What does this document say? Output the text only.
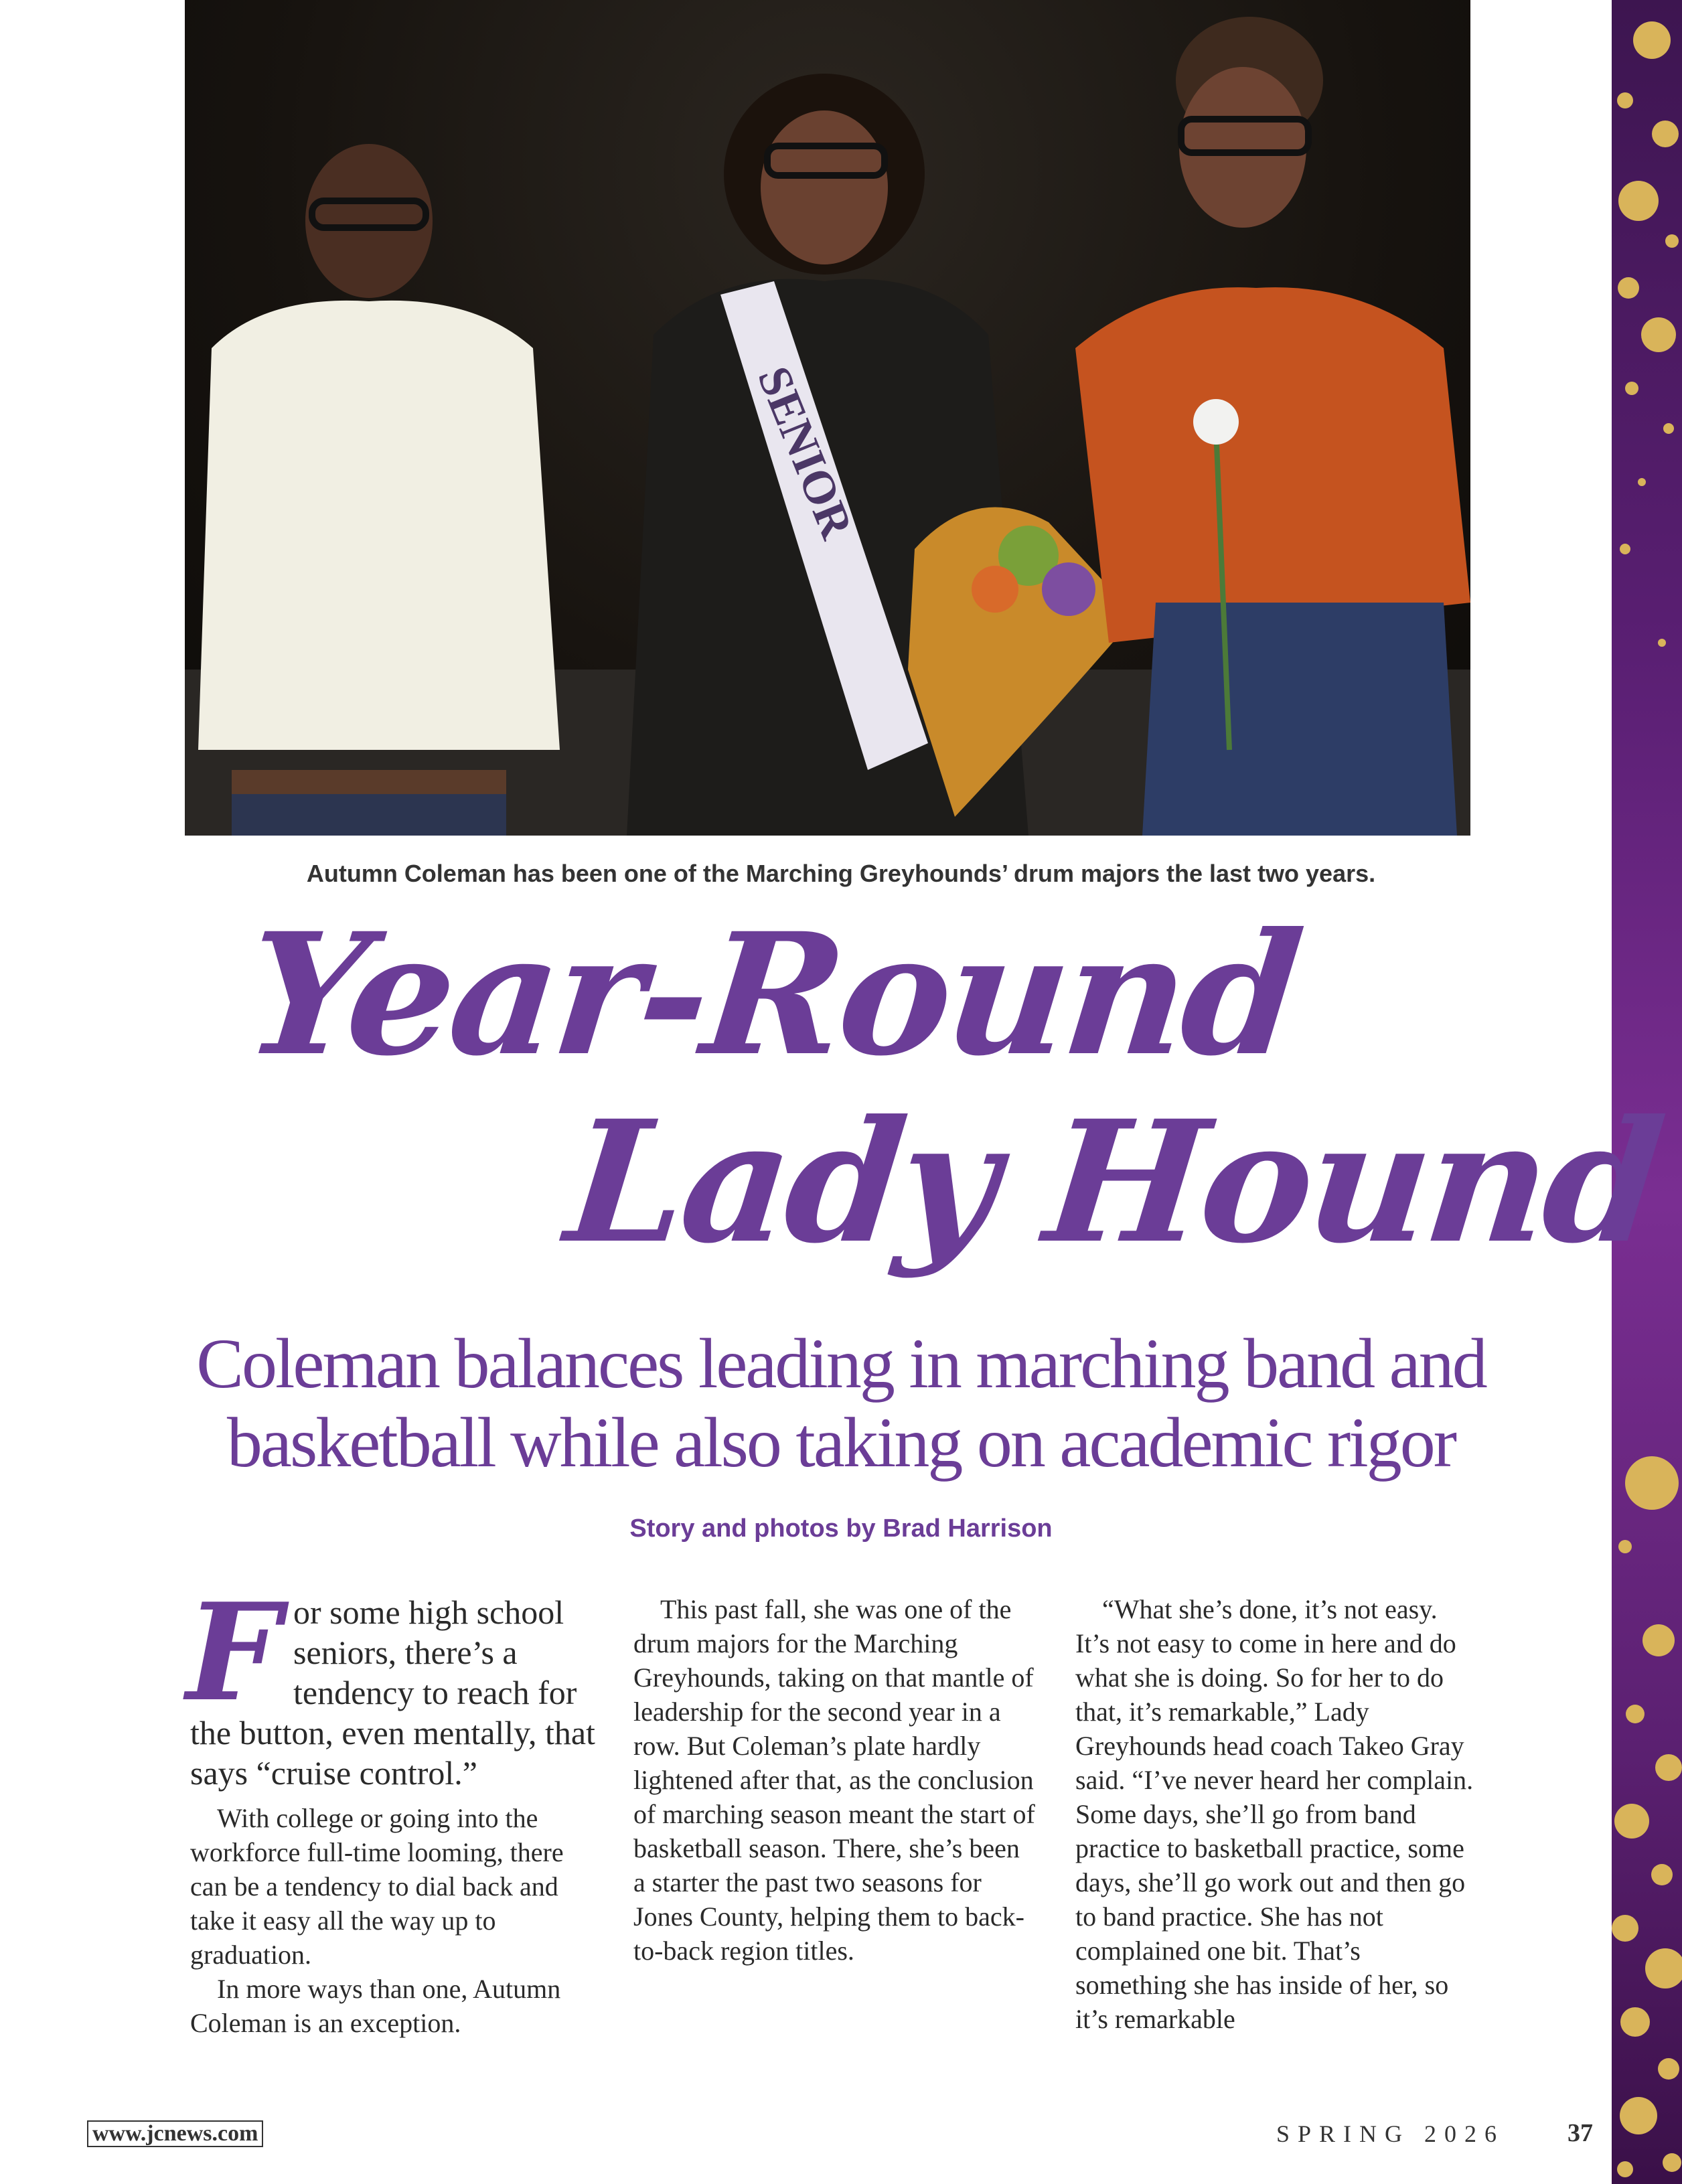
SENIOR
Autumn Coleman has been one of the Marching Greyhounds’ drum majors the last two years.
Year-Round
Lady Hound
Coleman balances leading in marching band and
basketball while also taking on academic rigor
Story and photos by Brad Harrison

For some high school seniors, there’s a tendency to reach for the button, even mentally, that says “cruise control.”

With college or going into the workforce full-time looming, there can be a tendency to dial back and take it easy all the way up to graduation.

In more ways than one, Autumn Coleman is an exception.

This past fall, she was one of the drum majors for the Marching Greyhounds, taking on that mantle of leadership for the second year in a row. But Coleman’s plate hardly lightened after that, as the conclusion of marching season meant the start of basketball season. There, she’s been a starter the past two seasons for Jones County, helping them to back-to-back region titles.

“What she’s done, it’s not easy. It’s not easy to come in here and do what she is doing. So for her to do that, it’s remarkable,” Lady Greyhounds head coach Takeo Gray said. “I’ve never heard her complain. Some days, she’ll go from band practice to basketball practice, some days, she’ll go work out and then go to band practice. She has not complained one bit. That’s something she has inside of her, so it’s remarkable

www.jcnews.com	SPRING 2026 37
